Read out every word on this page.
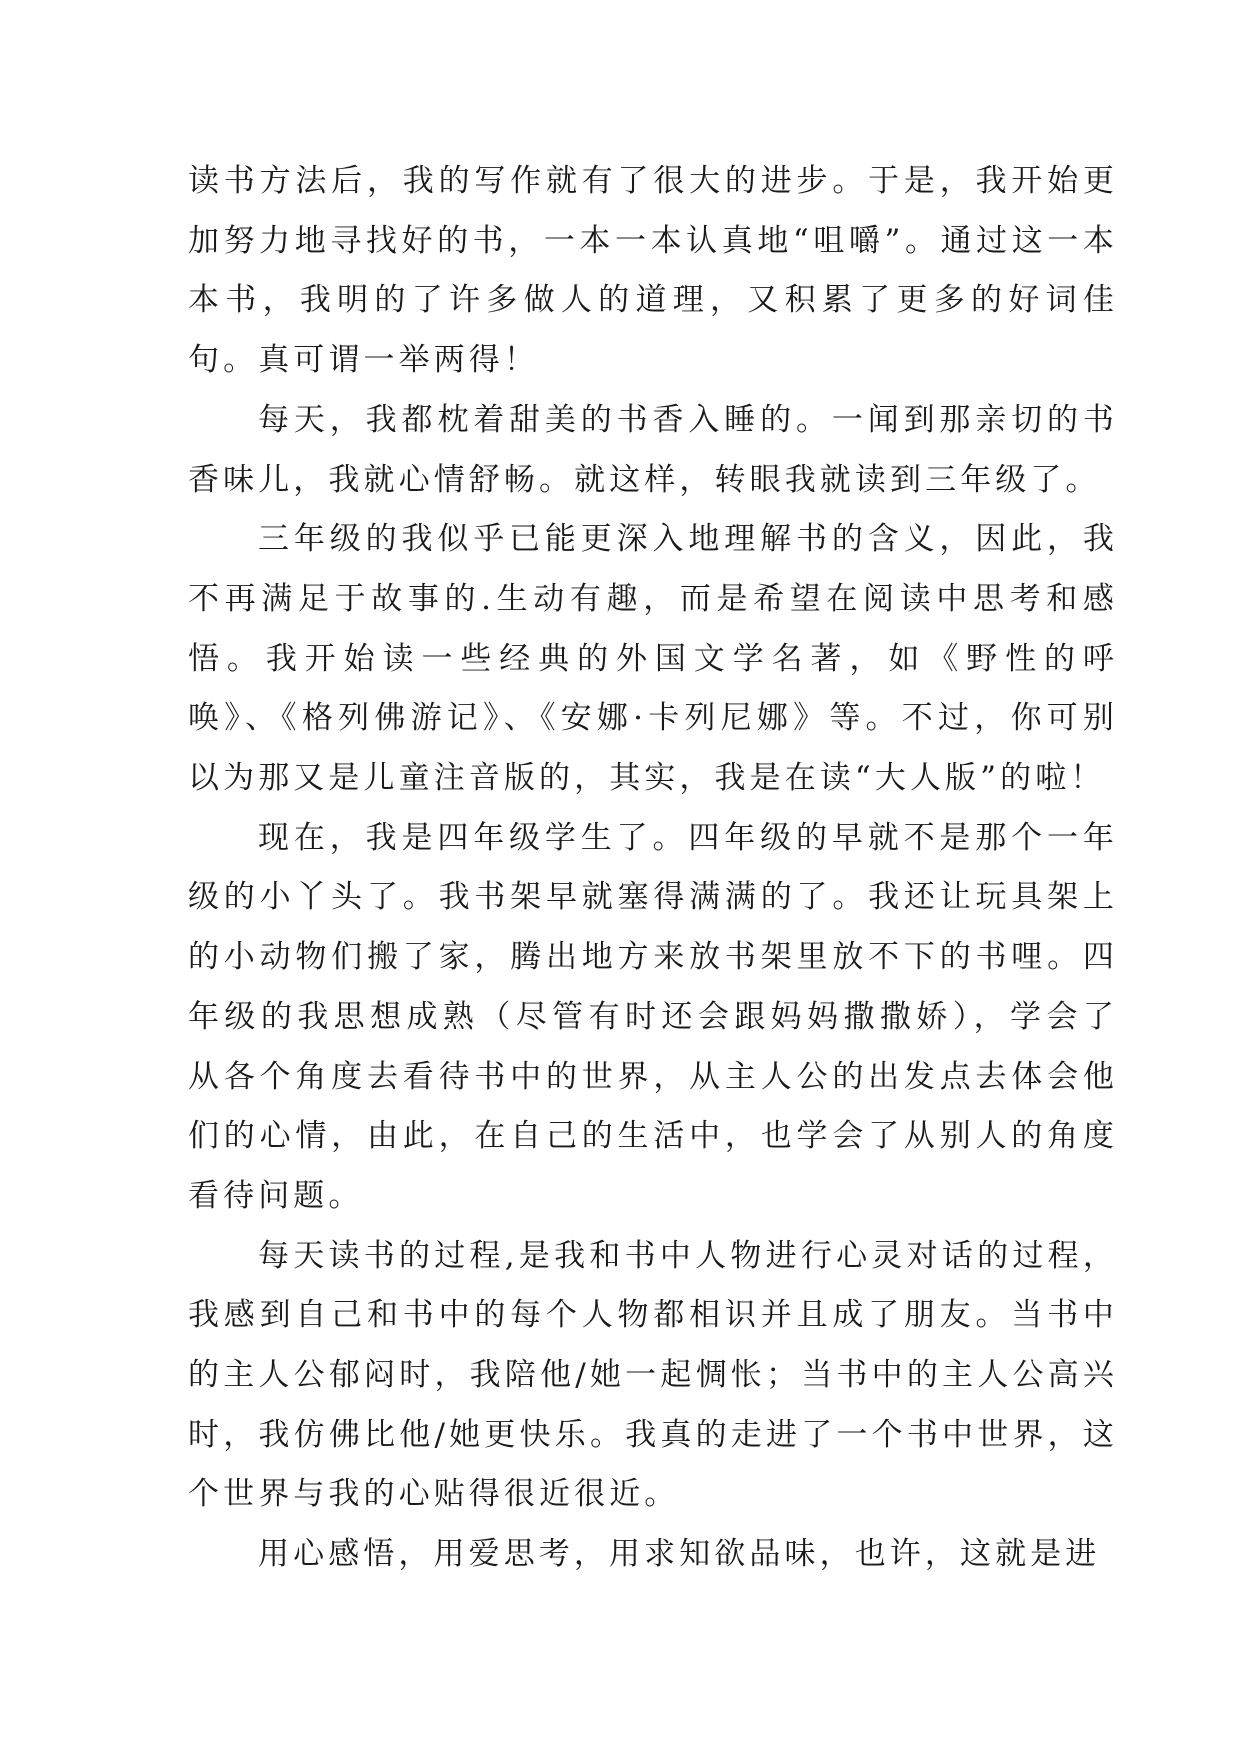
读书方法后，我的写作就有了很大的进步。于是，我开始更加努力地寻找好的书，一本一本认真地“咀嚼”。通过这一本本书，我明的了许多做人的道理，又积累了更多的好词佳句。真可谓一举两得！

每天，我都枕着甜美的书香入睡的。一闻到那亲切的书香味儿，我就心情舒畅。就这样，转眼我就读到三年级了。

三年级的我似乎已能更深入地理解书的含义，因此，我不再满足于故事的.生动有趣，而是希望在阅读中思考和感悟。我开始读一些经典的外国文学名著，如《野性的呼唤》、《格列佛游记》、《安娜·卡列尼娜》等。不过，你可别以为那又是儿童注音版的，其实，我是在读“大人版”的啦！

现在，我是四年级学生了。四年级的早就不是那个一年级的小丫头了。我书架早就塞得满满的了。我还让玩具架上的小动物们搬了家，腾出地方来放书架里放不下的书哩。四年级的我思想成熟（尽管有时还会跟妈妈撒撒娇），学会了从各个角度去看待书中的世界，从主人公的出发点去体会他们的心情，由此，在自己的生活中，也学会了从别人的角度看待问题。

每天读书的过程,是我和书中人物进行心灵对话的过程，我感到自己和书中的每个人物都相识并且成了朋友。当书中的主人公郁闷时，我陪他/她一起惆怅；当书中的主人公高兴时，我仿佛比他/她更快乐。我真的走进了一个书中世界，这个世界与我的心贴得很近很近。

用心感悟，用爱思考，用求知欲品味，也许，这就是进
